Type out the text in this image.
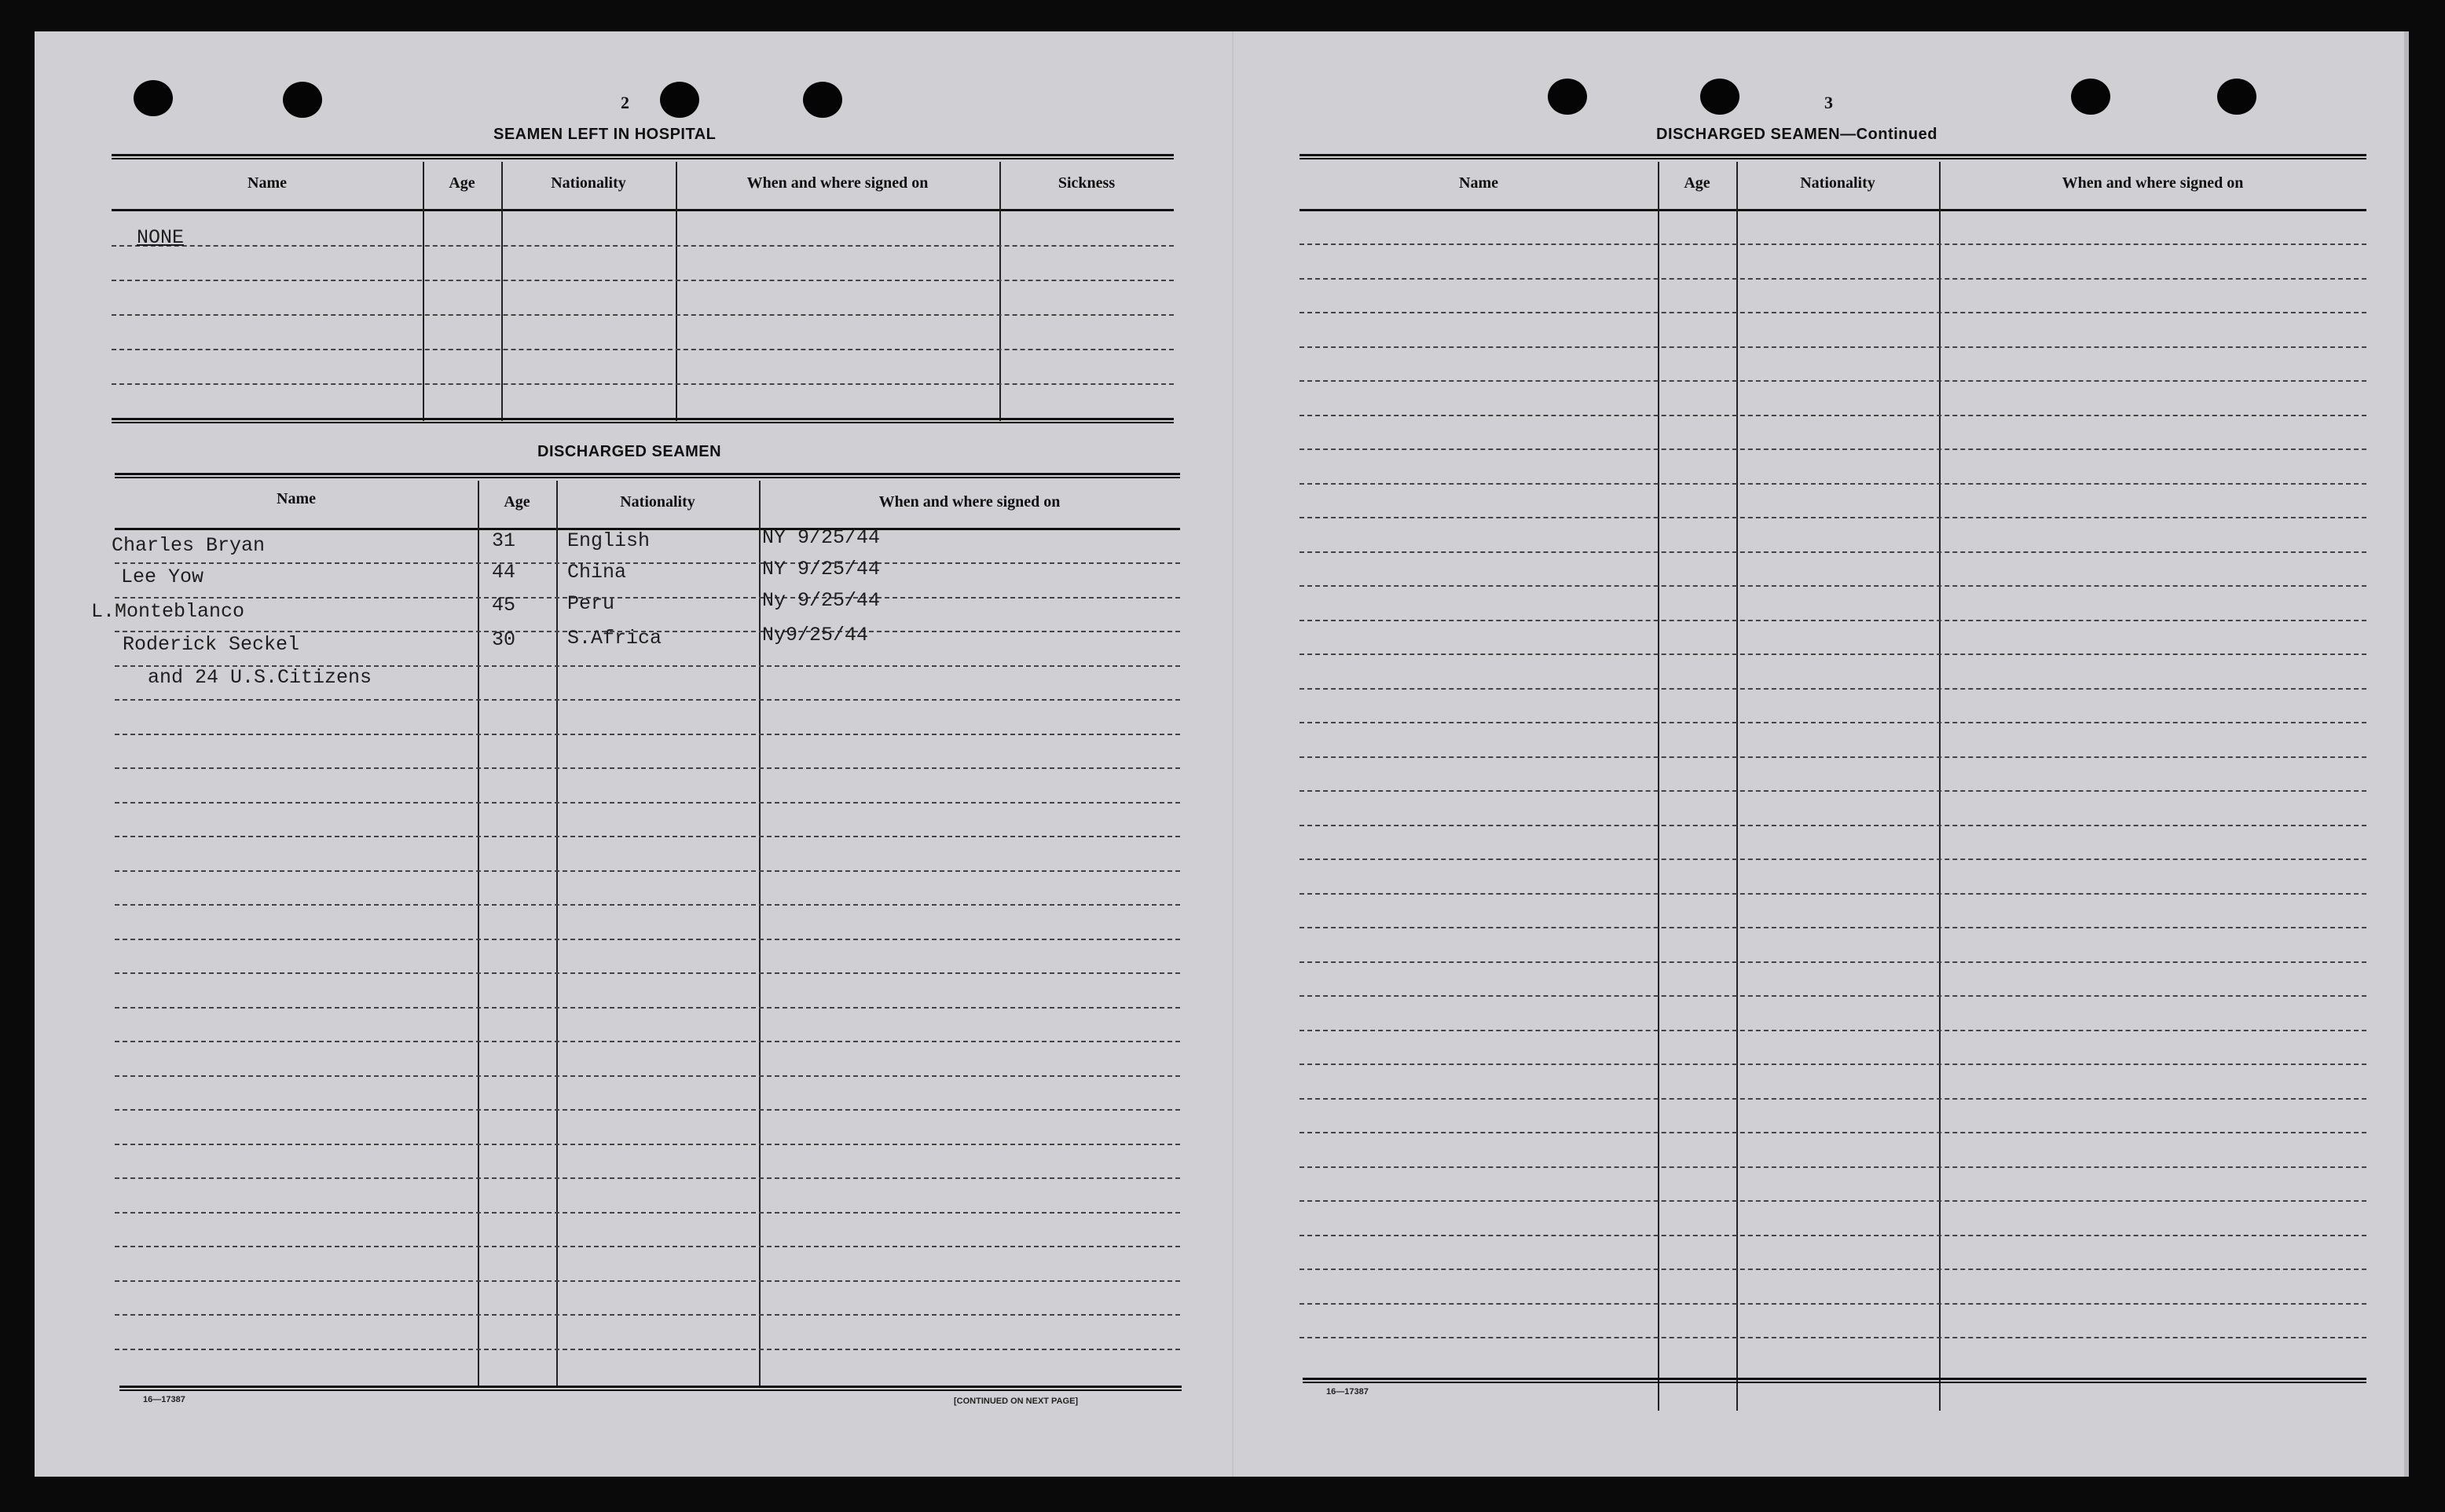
2
SEAMEN LEFT IN HOSPITAL
Name	Age	Nationality	When and where signed on	Sickness
NONE
DISCHARGED SEAMEN
Name	Age	Nationality	When and where signed on
Charles Bryan	31	English	NY 9/25/44
Lee Yow	44	China	NY 9/25/44
L.Monteblanco	45	Peru	Ny 9/25/44
Roderick Seckel	30	S.Africa	Ny9/25/44
and 24 U.S.Citizens
16—17387	[CONTINUED ON NEXT PAGE]
3
DISCHARGED SEAMEN—Continued
Name	Age	Nationality	When and where signed on
16—17387
